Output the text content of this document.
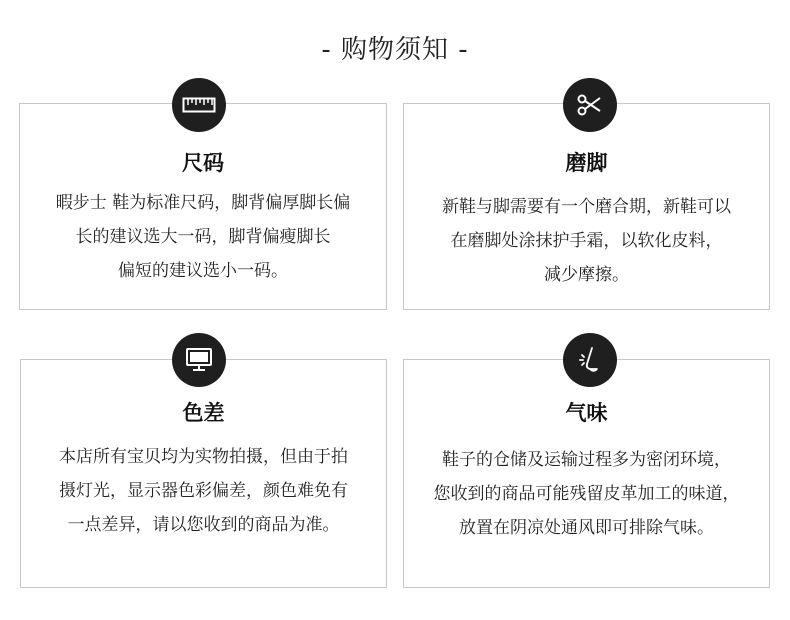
- 购物须知 -
尺码
暇步士 鞋为标准尺码，脚背偏厚脚长偏
长的建议选大一码，脚背偏瘦脚长
偏短的建议选小一码。
磨脚
新鞋与脚需要有一个磨合期，新鞋可以
在磨脚处涂抹护手霜，以软化皮料，
减少摩擦。
色差
本店所有宝贝均为实物拍摄，但由于拍
摄灯光，显示器色彩偏差，颜色难免有
一点差异，请以您收到的商品为准。
气味
鞋子的仓储及运输过程多为密闭环境，
您收到的商品可能残留皮革加工的味道，
放置在阴凉处通风即可排除气味。
